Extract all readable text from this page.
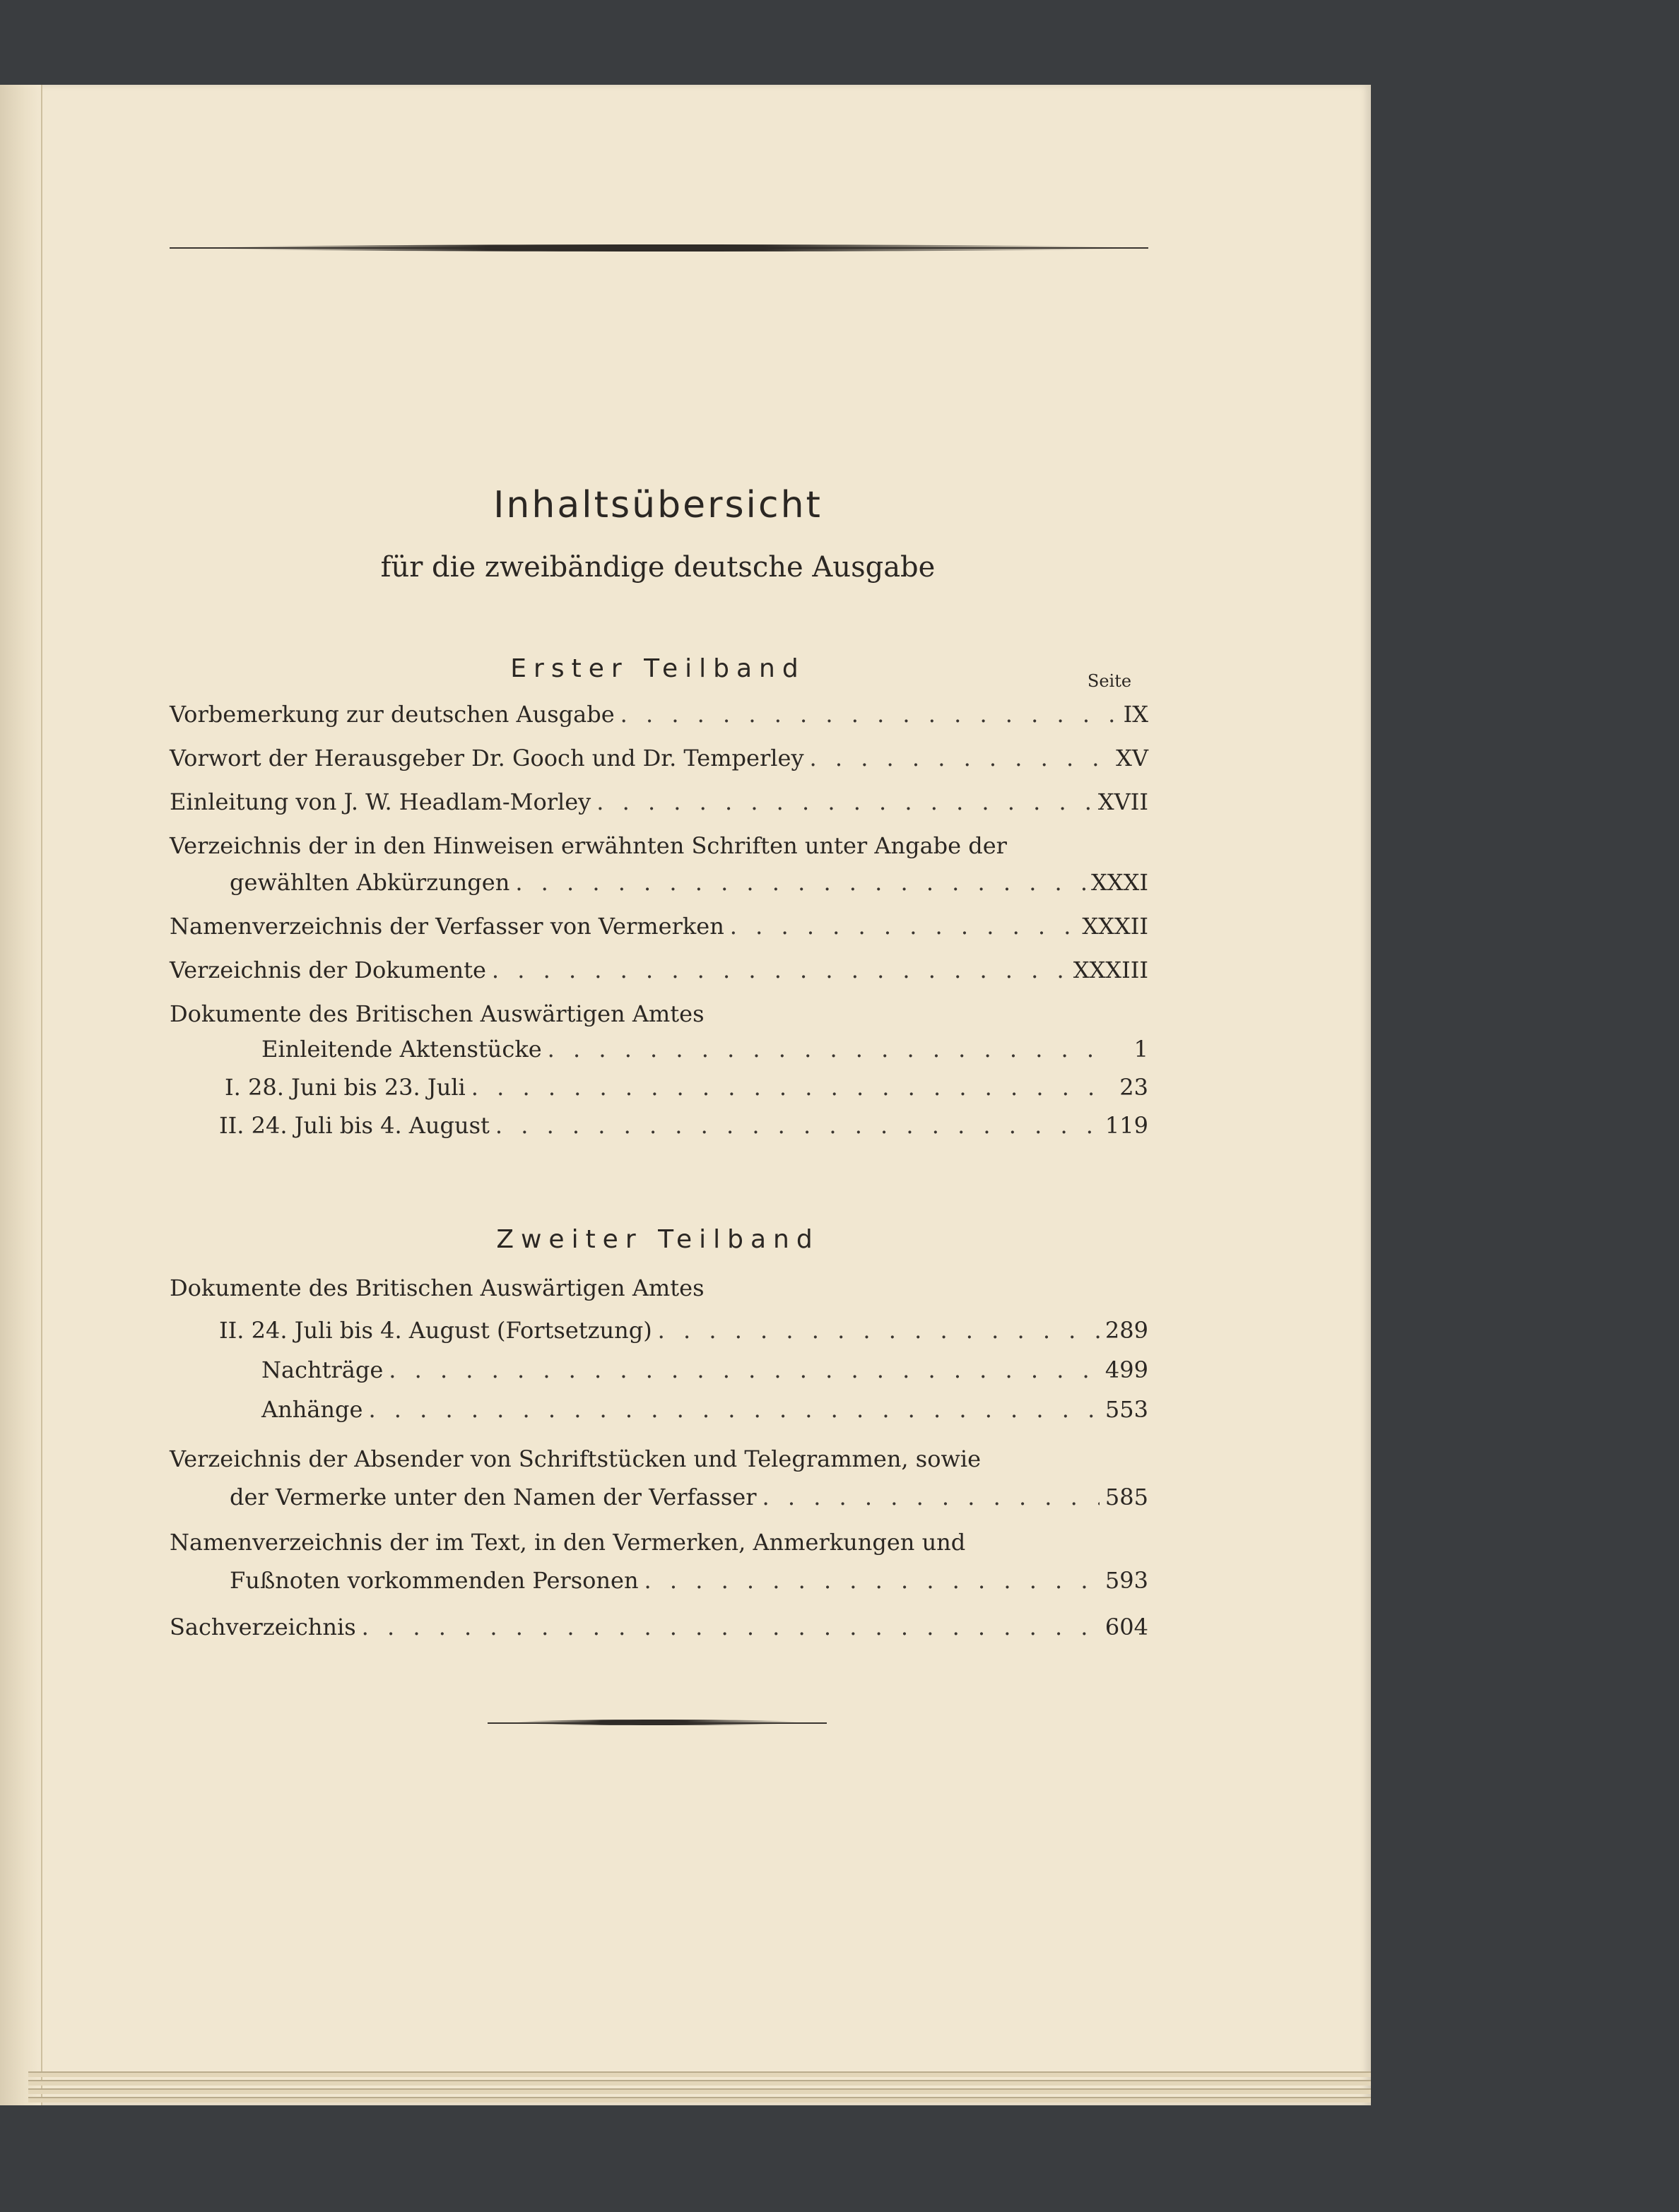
Inhaltsübersicht
für die zweibändige deutsche Ausgabe
Erster Teilband	Seite
Vorbemerkung zur deutschen Ausgabe . . .	IX
Vorwort der Herausgeber Dr. Gooch und Dr. Temperley . . .	XV
Einleitung von J. W. Headlam-Morley . . .	XVII
Verzeichnis der in den Hinweisen erwähnten Schriften unter Angabe der
gewählten Abkürzungen . . .	XXXI
Namenverzeichnis der Verfasser von Vermerken . . .	XXXII
Verzeichnis der Dokumente . . .	XXXIII
Dokumente des Britischen Auswärtigen Amtes
Einleitende Aktenstücke . . .	1
I. 28. Juni bis 23. Juli . . .	23
II. 24. Juli bis 4. August . . .	119
Zweiter Teilband
Dokumente des Britischen Auswärtigen Amtes
II. 24. Juli bis 4. August (Fortsetzung) . . .	289
Nachträge . . .	499
Anhänge . . .	553
Verzeichnis der Absender von Schriftstücken und Telegrammen, sowie
der Vermerke unter den Namen der Verfasser . . .	585
Namenverzeichnis der im Text, in den Vermerken, Anmerkungen und
Fußnoten vorkommenden Personen . . .	593
Sachverzeichnis . . .	604
